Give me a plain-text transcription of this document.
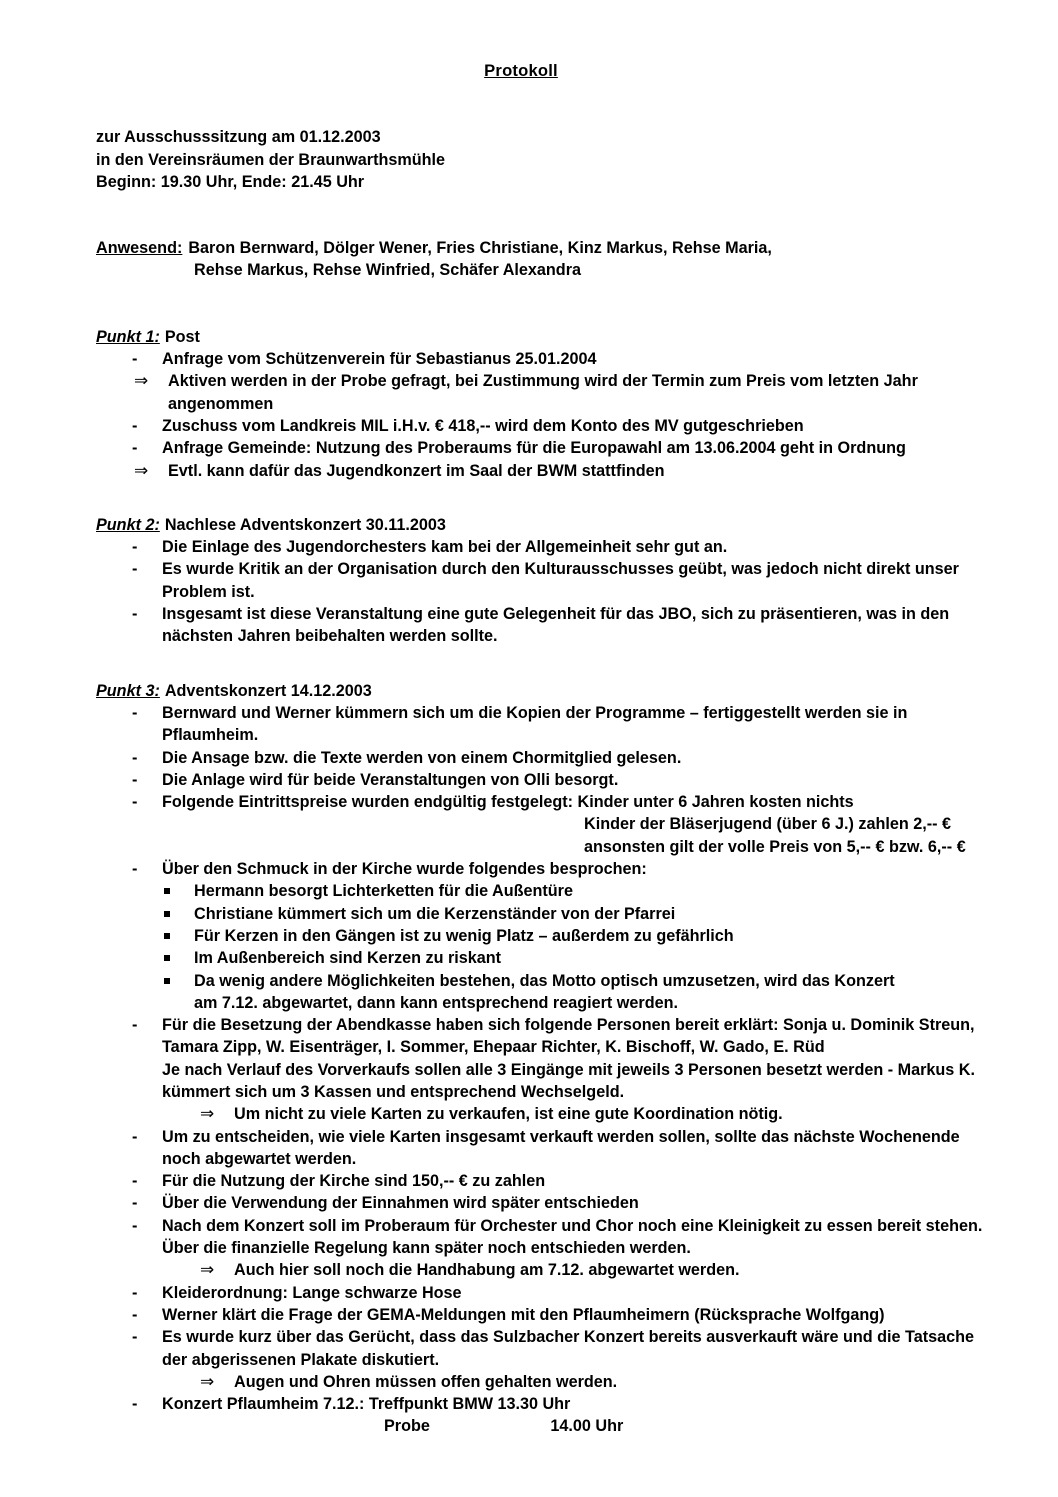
Protokoll
zur Ausschusssitzung am 01.12.2003
in den Vereinsräumen der Braunwarthsmühle
Beginn: 19.30 Uhr, Ende: 21.45 Uhr
Anwesend: Baron Bernward, Dölger Wener, Fries Christiane, Kinz Markus, Rehse Maria,
Rehse Markus, Rehse Winfried, Schäfer Alexandra
Punkt 1: Post
- Anfrage vom Schützenverein für Sebastianus 25.01.2004
⇒ Aktiven werden in der Probe gefragt, bei Zustimmung wird der Termin zum Preis vom letzten Jahr
angenommen
- Zuschuss vom Landkreis MIL i.H.v. € 418,-- wird dem Konto des MV gutgeschrieben
- Anfrage Gemeinde: Nutzung des Proberaums für die Europawahl am 13.06.2004 geht in Ordnung
⇒ Evtl. kann dafür das Jugendkonzert im Saal der BWM stattfinden
Punkt 2: Nachlese Adventskonzert 30.11.2003
- Die Einlage des Jugendorchesters kam bei der Allgemeinheit sehr gut an.
- Es wurde Kritik an der Organisation durch den Kulturausschusses geübt, was jedoch nicht direkt unser
Problem ist.
- Insgesamt ist diese Veranstaltung eine gute Gelegenheit für das JBO, sich zu präsentieren, was in den
nächsten Jahren beibehalten werden sollte.
Punkt 3: Adventskonzert 14.12.2003
- Bernward und Werner kümmern sich um die Kopien der Programme – fertiggestellt werden sie in
Pflaumheim.
- Die Ansage bzw. die Texte werden von einem Chormitglied gelesen.
- Die Anlage wird für beide Veranstaltungen von Olli besorgt.
- Folgende Eintrittspreise wurden endgültig festgelegt: Kinder unter 6 Jahren kosten nichts
Kinder der Bläserjugend (über 6 J.) zahlen 2,-- €
ansonsten gilt der volle Preis von 5,-- € bzw. 6,-- €
- Über den Schmuck in der Kirche wurde folgendes besprochen:
Hermann besorgt Lichterketten für die Außentüre
Christiane kümmert sich um die Kerzenständer von der Pfarrei
Für Kerzen in den Gängen ist zu wenig Platz – außerdem zu gefährlich
Im Außenbereich sind Kerzen zu riskant
Da wenig andere Möglichkeiten bestehen, das Motto optisch umzusetzen, wird das Konzert
am 7.12. abgewartet, dann kann entsprechend reagiert werden.
- Für die Besetzung der Abendkasse haben sich folgende Personen bereit erklärt: Sonja u. Dominik Streun,
Tamara Zipp, W. Eisenträger, I. Sommer, Ehepaar Richter, K. Bischoff, W. Gado, E. Rüd
Je nach Verlauf des Vorverkaufs sollen alle 3 Eingänge mit jeweils 3 Personen besetzt werden - Markus K.
kümmert sich um 3 Kassen und entsprechend Wechselgeld.
⇒ Um nicht zu viele Karten zu verkaufen, ist eine gute Koordination nötig.
- Um zu entscheiden, wie viele Karten insgesamt verkauft werden sollen, sollte das nächste Wochenende
noch abgewartet werden.
- Für die Nutzung der Kirche sind 150,-- € zu zahlen
- Über die Verwendung der Einnahmen wird später entschieden
- Nach dem Konzert soll im Proberaum für Orchester und Chor noch eine Kleinigkeit zu essen bereit stehen.
Über die finanzielle Regelung kann später noch entschieden werden.
⇒ Auch hier soll noch die Handhabung am 7.12. abgewartet werden.
- Kleiderordnung: Lange schwarze Hose
- Werner klärt die Frage der GEMA-Meldungen mit den Pflaumheimern (Rücksprache Wolfgang)
- Es wurde kurz über das Gerücht, dass das Sulzbacher Konzert bereits ausverkauft wäre und die Tatsache
der abgerissenen Plakate diskutiert.
⇒ Augen und Ohren müssen offen gehalten werden.
- Konzert Pflaumheim 7.12.: Treffpunkt BMW 13.30 Uhr
Probe	14.00 Uhr
